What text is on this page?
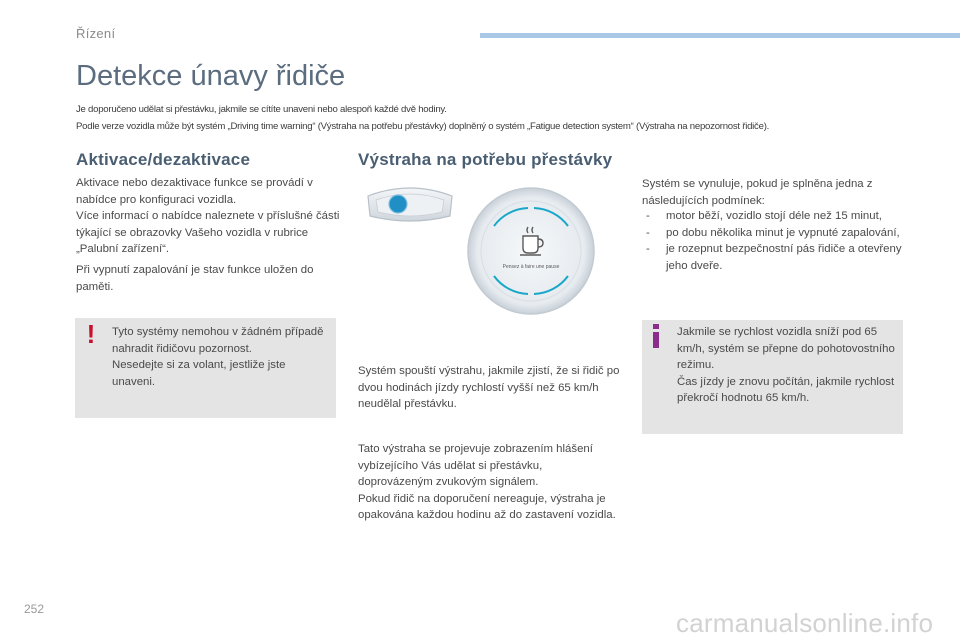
Řízení
Detekce únavy řidiče
Je doporučeno udělat si přestávku, jakmile se cítíte unaveni nebo alespoň každé dvě hodiny.
Podle verze vozidla může být systém „Driving time warning“ (Výstraha na potřebu přestávky) doplněný o systém „Fatigue detection system“ (Výstraha na nepozornost řidiče).
Aktivace/dezaktivace

Aktivace nebo dezaktivace funkce se provádí v nabídce pro konfiguraci vozidla.
Více informací o nabídce naleznete v příslušné části týkající se obrazovky Vašeho vozidla v rubrice „Palubní zařízení“.

Při vypnutí zapalování je stav funkce uložen do paměti.

!	Tyto systémy nemohou v žádném případě nahradit řidičovu pozornost.
Nesedejte si za volant, jestliže jste unaveni.

Výstraha na potřebu přestávky
Pensez à faire une pause

Systém spouští výstrahu, jakmile zjistí, že si řidič po dvou hodinách jízdy rychlostí vyšší než 65 km/h neudělal přestávku.

Tato výstraha se projevuje zobrazením hlášení vybízejícího Vás udělat si přestávku, doprovázeným zvukovým signálem.
Pokud řidič na doporučení nereaguje, výstraha je opakována každou hodinu až do zastavení vozidla.

Systém se vynuluje, pokud je splněna jedna z následujících podmínek:

- motor běží, vozidlo stojí déle než 15 minut,
- po dobu několika minut je vypnuté zapalování,
- je rozepnut bezpečnostní pás řidiče a otevřeny jeho dveře.

Jakmile se rychlost vozidla sníží pod 65 km/h, systém se přepne do pohotovostního režimu.
Čas jízdy je znovu počítán, jakmile rychlost překročí hodnotu 65 km/h.

252	carmanualsonline.info
